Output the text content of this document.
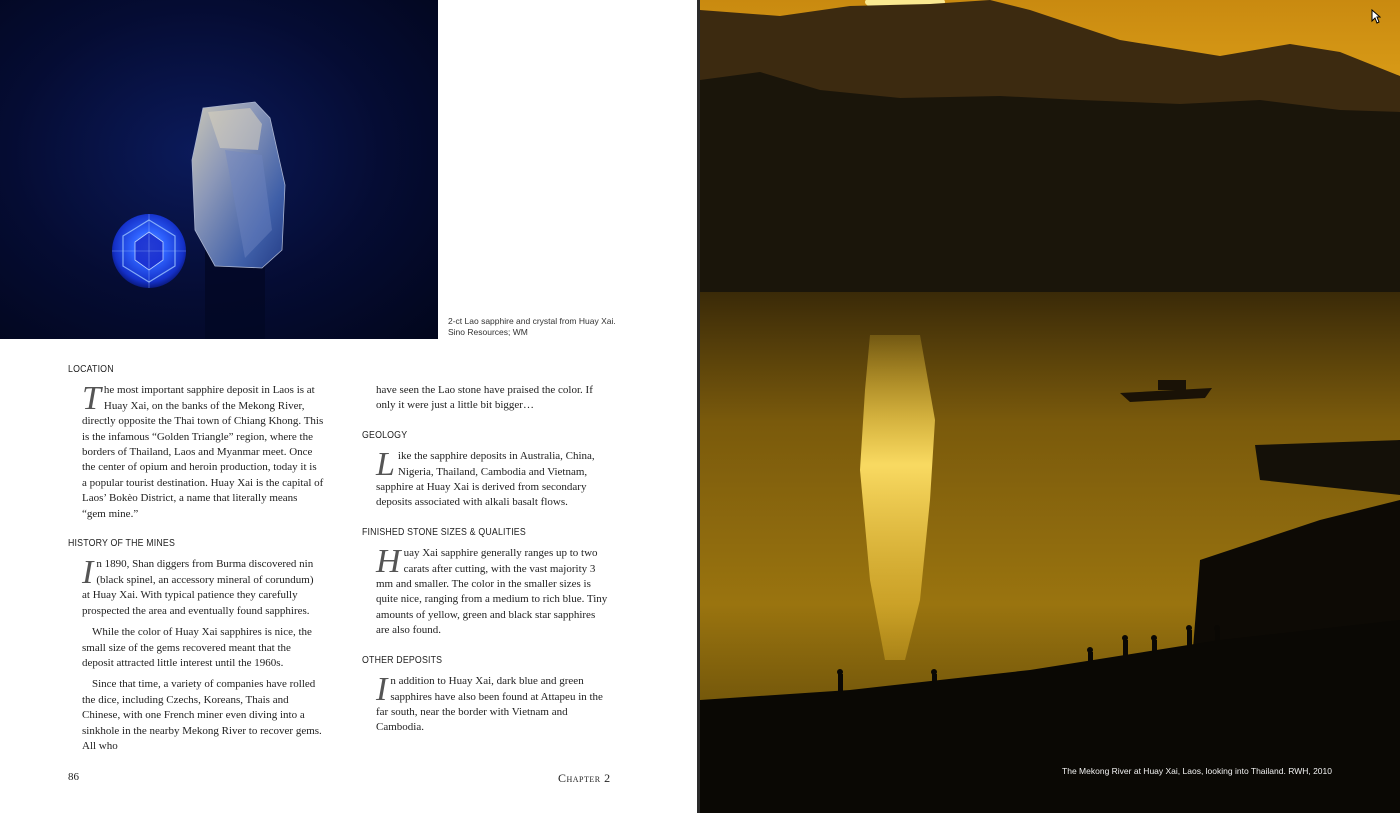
2-ct Lao sapphire and crystal from Huay Xai.
Sino Resources; WM
LOCATION

The most important sapphire deposit in Laos is at Huay Xai, on the banks of the Mekong River, directly opposite the Thai town of Chiang Khong. This is the infamous “Golden Triangle” region, where the borders of Thailand, Laos and Myanmar meet. Once the center of opium and heroin production, today it is a popular tourist destination. Huay Xai is the capital of Laos’ Bokèo District, a name that literally means “gem mine.”

HISTORY OF THE MINES

In 1890, Shan diggers from Burma discovered nin (black spinel, an accessory mineral of corundum) at Huay Xai. With typical patience they carefully prospected the area and eventually found sapphires.

While the color of Huay Xai sapphires is nice, the small size of the gems recovered meant that the deposit attracted little interest until the 1960s.

Since that time, a variety of companies have rolled the dice, including Czechs, Koreans, Thais and Chinese, with one French miner even diving into a sinkhole in the nearby Mekong River to recover gems. All who

have seen the Lao stone have praised the color. If only it were just a little bit bigger…

GEOLOGY

Like the sapphire deposits in Australia, China, Nigeria, Thailand, Cambodia and Vietnam, sapphire at Huay Xai is derived from secondary deposits associated with alkali basalt flows.

FINISHED STONE SIZES & QUALITIES

Huay Xai sapphire generally ranges up to two carats after cutting, with the vast majority 3 mm and smaller. The color in the smaller sizes is quite nice, ranging from a medium to rich blue. Tiny amounts of yellow, green and black star sapphires are also found.

OTHER DEPOSITS

In addition to Huay Xai, dark blue and green sapphires have also been found at Attapeu in the far south, near the border with Vietnam and Cambodia.

86	Chapter 2	The Mekong River at Huay Xai, Laos, looking into Thailand. RWH, 2010
